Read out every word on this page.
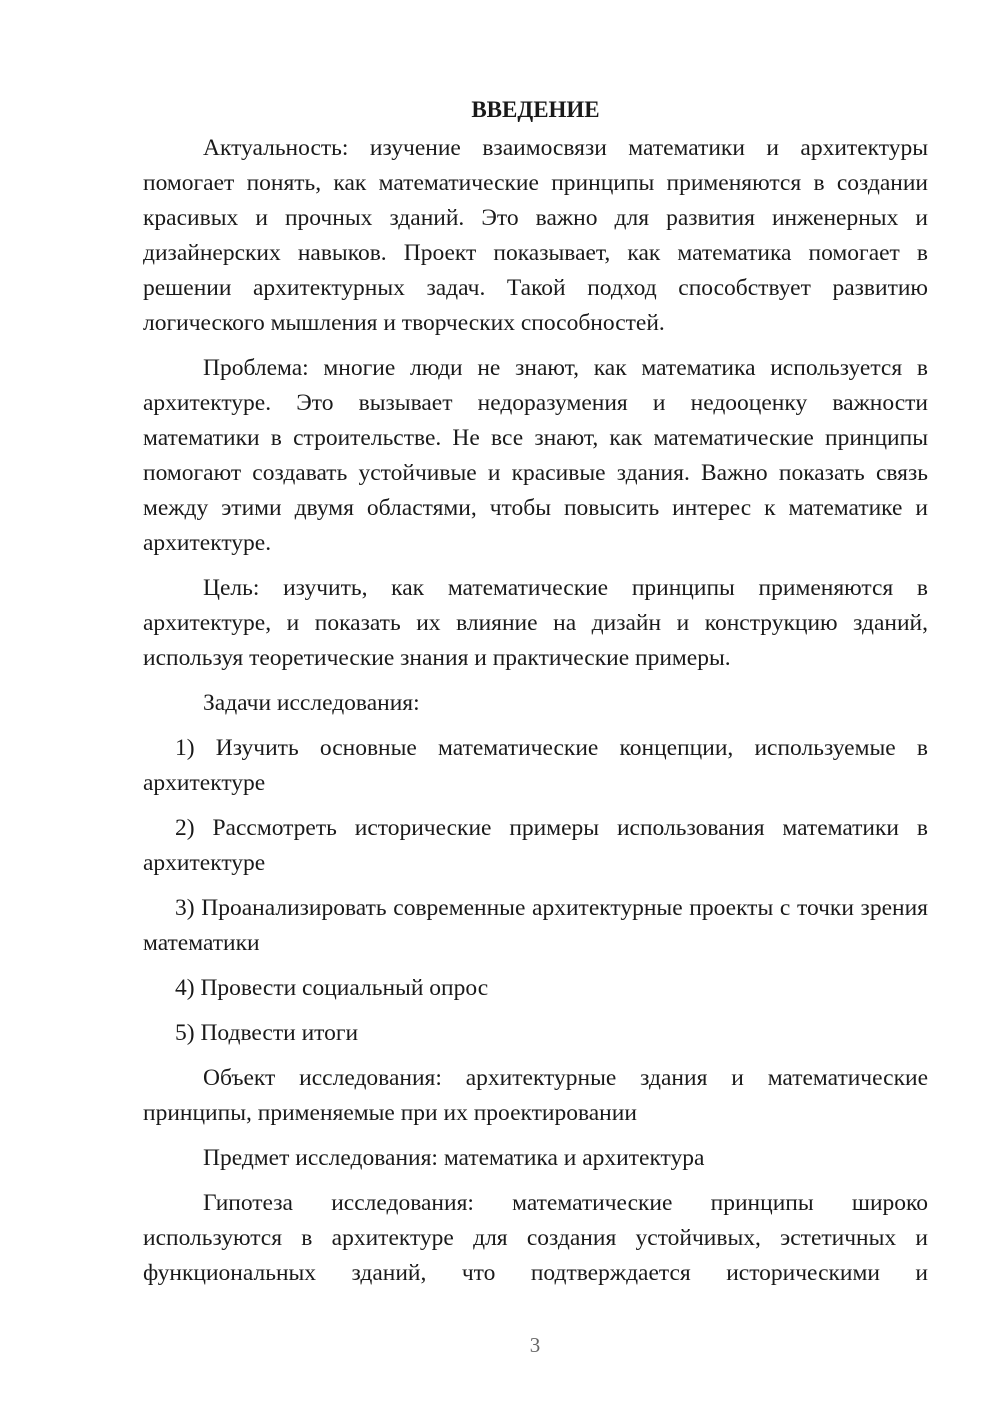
ВВЕДЕНИЕ

Актуальность: изучение взаимосвязи математики и архитектуры помогает понять, как математические принципы применяются в создании красивых и прочных зданий. Это важно для развития инженерных и дизайнерских навыков. Проект показывает, как математика помогает в решении архитектурных задач. Такой подход способствует развитию логического мышления и творческих способностей.

Проблема: многие люди не знают, как математика используется в архитектуре. Это вызывает недоразумения и недооценку важности математики в строительстве. Не все знают, как математические принципы помогают создавать устойчивые и красивые здания. Важно показать связь между этими двумя областями, чтобы повысить интерес к математике и архитектуре.

Цель: изучить, как математические принципы применяются в архитектуре, и показать их влияние на дизайн и конструкцию зданий, используя теоретические знания и практические примеры.

Задачи исследования:

1) Изучить основные математические концепции, используемые в архитектуре

2) Рассмотреть исторические примеры использования математики в архитектуре

3) Проанализировать современные архитектурные проекты с точки зрения математики

4) Провести социальный опрос

5) Подвести итоги

Объект исследования: архитектурные здания и математические принципы, применяемые при их проектировании

Предмет исследования: математика и архитектура

Гипотеза исследования: математические принципы широко используются в архитектуре для создания устойчивых, эстетичных и функциональных зданий, что подтверждается историческими и

3
